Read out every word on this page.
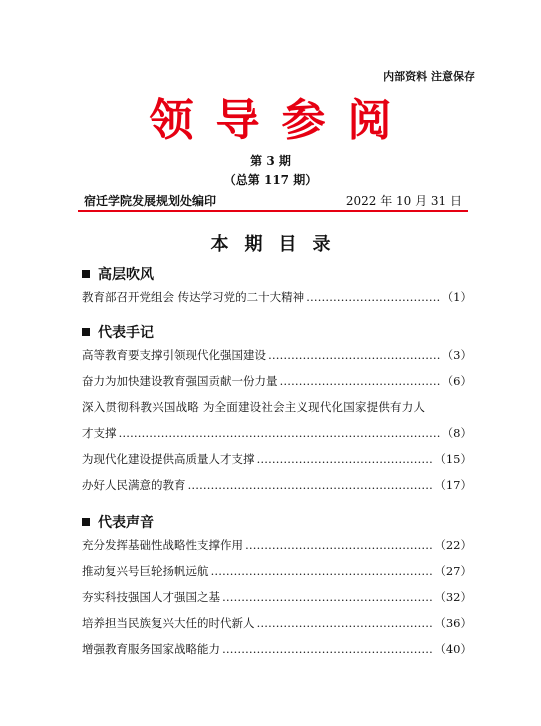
内部资料 注意保存
领导参阅
第 3 期
（总第 117 期）
宿迁学院发展规划处编印	2022 年 10 月 31 日
本期目录
高层吹风
教育部召开党组会 传达学习党的二十大精神 ………………………………………………………………………………………………………………………………	（1）
代表手记
高等教育要支撑引领现代化强国建设 ………………………………………………………………………………………………………………………………	（3）
奋力为加快建设教育强国贡献一份力量 ………………………………………………………………………………………………………………………………	（6）
深入贯彻科教兴国战略 为全面建设社会主义现代化国家提供有力人
才支撑 ………………………………………………………………………………………………………………………………	（8）
为现代化建设提供高质量人才支撑 ………………………………………………………………………………………………………………………………	（15）
办好人民满意的教育 ………………………………………………………………………………………………………………………………	（17）
代表声音
充分发挥基础性战略性支撑作用 ………………………………………………………………………………………………………………………………	（22）
推动复兴号巨轮扬帆远航 ………………………………………………………………………………………………………………………………	（27）
夯实科技强国人才强国之基 ………………………………………………………………………………………………………………………………	（32）
培养担当民族复兴大任的时代新人 ………………………………………………………………………………………………………………………………	（36）
增强教育服务国家战略能力 ………………………………………………………………………………………………………………………………	（40）
